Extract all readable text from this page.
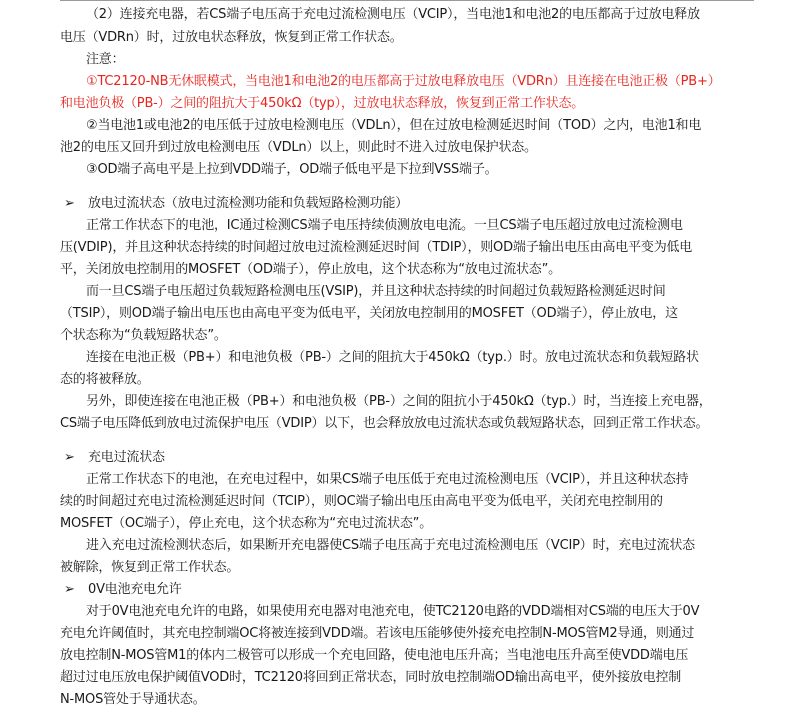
（2）连接充电器，若CS端子电压高于充电过流检测电压（VCIP），当电池1和电池2的电压都高于过放电释放
电压（VDRn）时，过放电状态释放，恢复到正常工作状态。
注意：
①TC2120-NB无休眠模式，当电池1和电池2的电压都高于过放电释放电压（VDRn）且连接在电池正极（PB+）
和电池负极（PB-）之间的阻抗大于450kΩ（typ），过放电状态释放，恢复到正常工作状态。
②当电池1或电池2的电压低于过放电检测电压（VDLn），但在过放电检测延迟时间（TOD）之内，电池1和电
池2的电压又回升到过放电检测电压（VDLn）以上，则此时不进入过放电保护状态。
③OD端子高电平是上拉到VDD端子，OD端子低电平是下拉到VSS端子。
➢	放电过流状态（放电过流检测功能和负载短路检测功能）
正常工作状态下的电池，IC通过检测CS端子电压持续侦测放电电流。一旦CS端子电压超过放电过流检测电
压(VDIP)，并且这种状态持续的时间超过放电过流检测延迟时间（TDIP），则OD端子输出电压由高电平变为低电
平，关闭放电控制用的MOSFET（OD端子），停止放电，这个状态称为“放电过流状态”。
而一旦CS端子电压超过负载短路检测电压(VSIP)，并且这种状态持续的时间超过负载短路检测延迟时间
（TSIP），则OD端子输出电压也由高电平变为低电平，关闭放电控制用的MOSFET（OD端子），停止放电，这
个状态称为“负载短路状态”。
连接在电池正极（PB+）和电池负极（PB-）之间的阻抗大于450kΩ（typ.）时。放电过流状态和负载短路状
态的将被释放。
另外，即使连接在电池正极（PB+）和电池负极（PB-）之间的阻抗小于450kΩ（typ.）时，当连接上充电器，
CS端子电压降低到放电过流保护电压（VDIP）以下，也会释放放电过流状态或负载短路状态，回到正常工作状态。
➢	充电过流状态
正常工作状态下的电池，在充电过程中，如果CS端子电压低于充电过流检测电压（VCIP），并且这种状态持
续的时间超过充电过流检测延迟时间（TCIP），则OC端子输出电压由高电平变为低电平，关闭充电控制用的
MOSFET（OC端子），停止充电，这个状态称为“充电过流状态”。
进入充电过流检测状态后，如果断开充电器使CS端子电压高于充电过流检测电压（VCIP）时，充电过流状态
被解除，恢复到正常工作状态。
➢	0V电池充电允许
对于0V电池充电允许的电路，如果使用充电器对电池充电，使TC2120电路的VDD端相对CS端的电压大于0V
充电允许阈值时，其充电控制端OC将被连接到VDD端。若该电压能够使外接充电控制N-MOS管M2导通，则通过
放电控制N-MOS管M1的体内二极管可以形成一个充电回路，使电池电压升高；当电池电压升高至使VDD端电压
超过过电压放电保护阈值VOD时，TC2120将回到正常状态，同时放电控制端OD输出高电平，使外接放电控制
N-MOS管处于导通状态。
